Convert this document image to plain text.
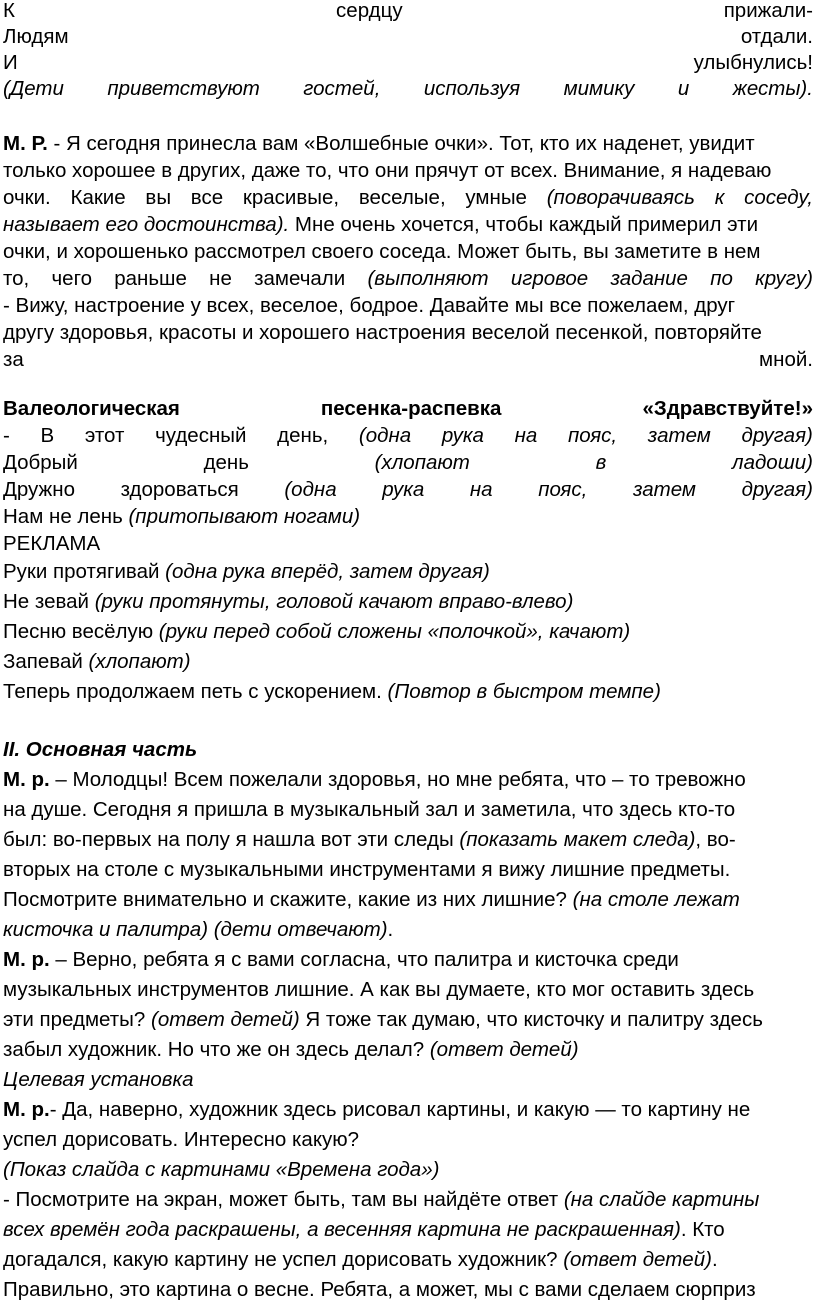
К	сердцу	прижали-
Людям	отдали.
И	улыбнулись!
(Дети приветствуют гостей, используя мимику и жесты).
М. Р. - Я сегодня принесла вам «Волшебные очки». Тот, кто их наденет, увидит
только хорошее в других, даже то, что они прячут от всех. Внимание, я надеваю
очки. Какие вы все красивые, веселые, умные (поворачиваясь к соседу,
называет его достоинства). Мне очень хочется, чтобы каждый примерил эти
очки, и хорошенько рассмотрел своего соседа. Может быть, вы заметите в нем
то, чего раньше не замечали (выполняют игровое задание по кругу)
- Вижу, настроение у всех, веселое, бодрое. Давайте мы все пожелаем, друг
другу здоровья, красоты и хорошего настроения веселой песенкой, повторяйте
за	мной.
Валеологическая	песенка-распевка	«Здравствуйте!»
- В этот чудесный день, (одна рука на пояс, затем другая)
Добрый	день	(хлопают	в	ладоши)
Дружно здороваться (одна рука на пояс, затем другая)
Нам не лень (притопывают ногами)
РЕКЛАМА
Руки протягивай (одна рука вперёд, затем другая)
Не зевай (руки протянуты, головой качают вправо-влево)
Песню весёлую (руки перед собой сложены «полочкой», качают)
Запевай (хлопают)
Теперь продолжаем петь с ускорением. (Повтор в быстром темпе)
II. Основная часть
М. р. – Молодцы! Всем пожелали здоровья, но мне ребята, что – то тревожно
на душе. Сегодня я пришла в музыкальный зал и заметила, что здесь кто-то
был: во-первых на полу я нашла вот эти следы (показать макет следа), во-
вторых на столе с музыкальными инструментами я вижу лишние предметы.
Посмотрите внимательно и скажите, какие из них лишние? (на столе лежат
кисточка и палитра) (дети отвечают).
М. р. – Верно, ребята я с вами согласна, что палитра и кисточка среди
музыкальных инструментов лишние. А как вы думаете, кто мог оставить здесь
эти предметы? (ответ детей) Я тоже так думаю, что кисточку и палитру здесь
забыл художник. Но что же он здесь делал? (ответ детей)
Целевая установка
М. р.- Да, наверно, художник здесь рисовал картины, и какую — то картину не
успел дорисовать. Интересно какую?
(Показ слайда с картинами «Времена года»)
- Посмотрите на экран, может быть, там вы найдёте ответ (на слайде картины
всех времён года раскрашены, а весенняя картина не раскрашенная). Кто
догадался, какую картину не успел дорисовать художник? (ответ детей).
Правильно, это картина о весне. Ребята, а может, мы с вами сделаем сюрприз
